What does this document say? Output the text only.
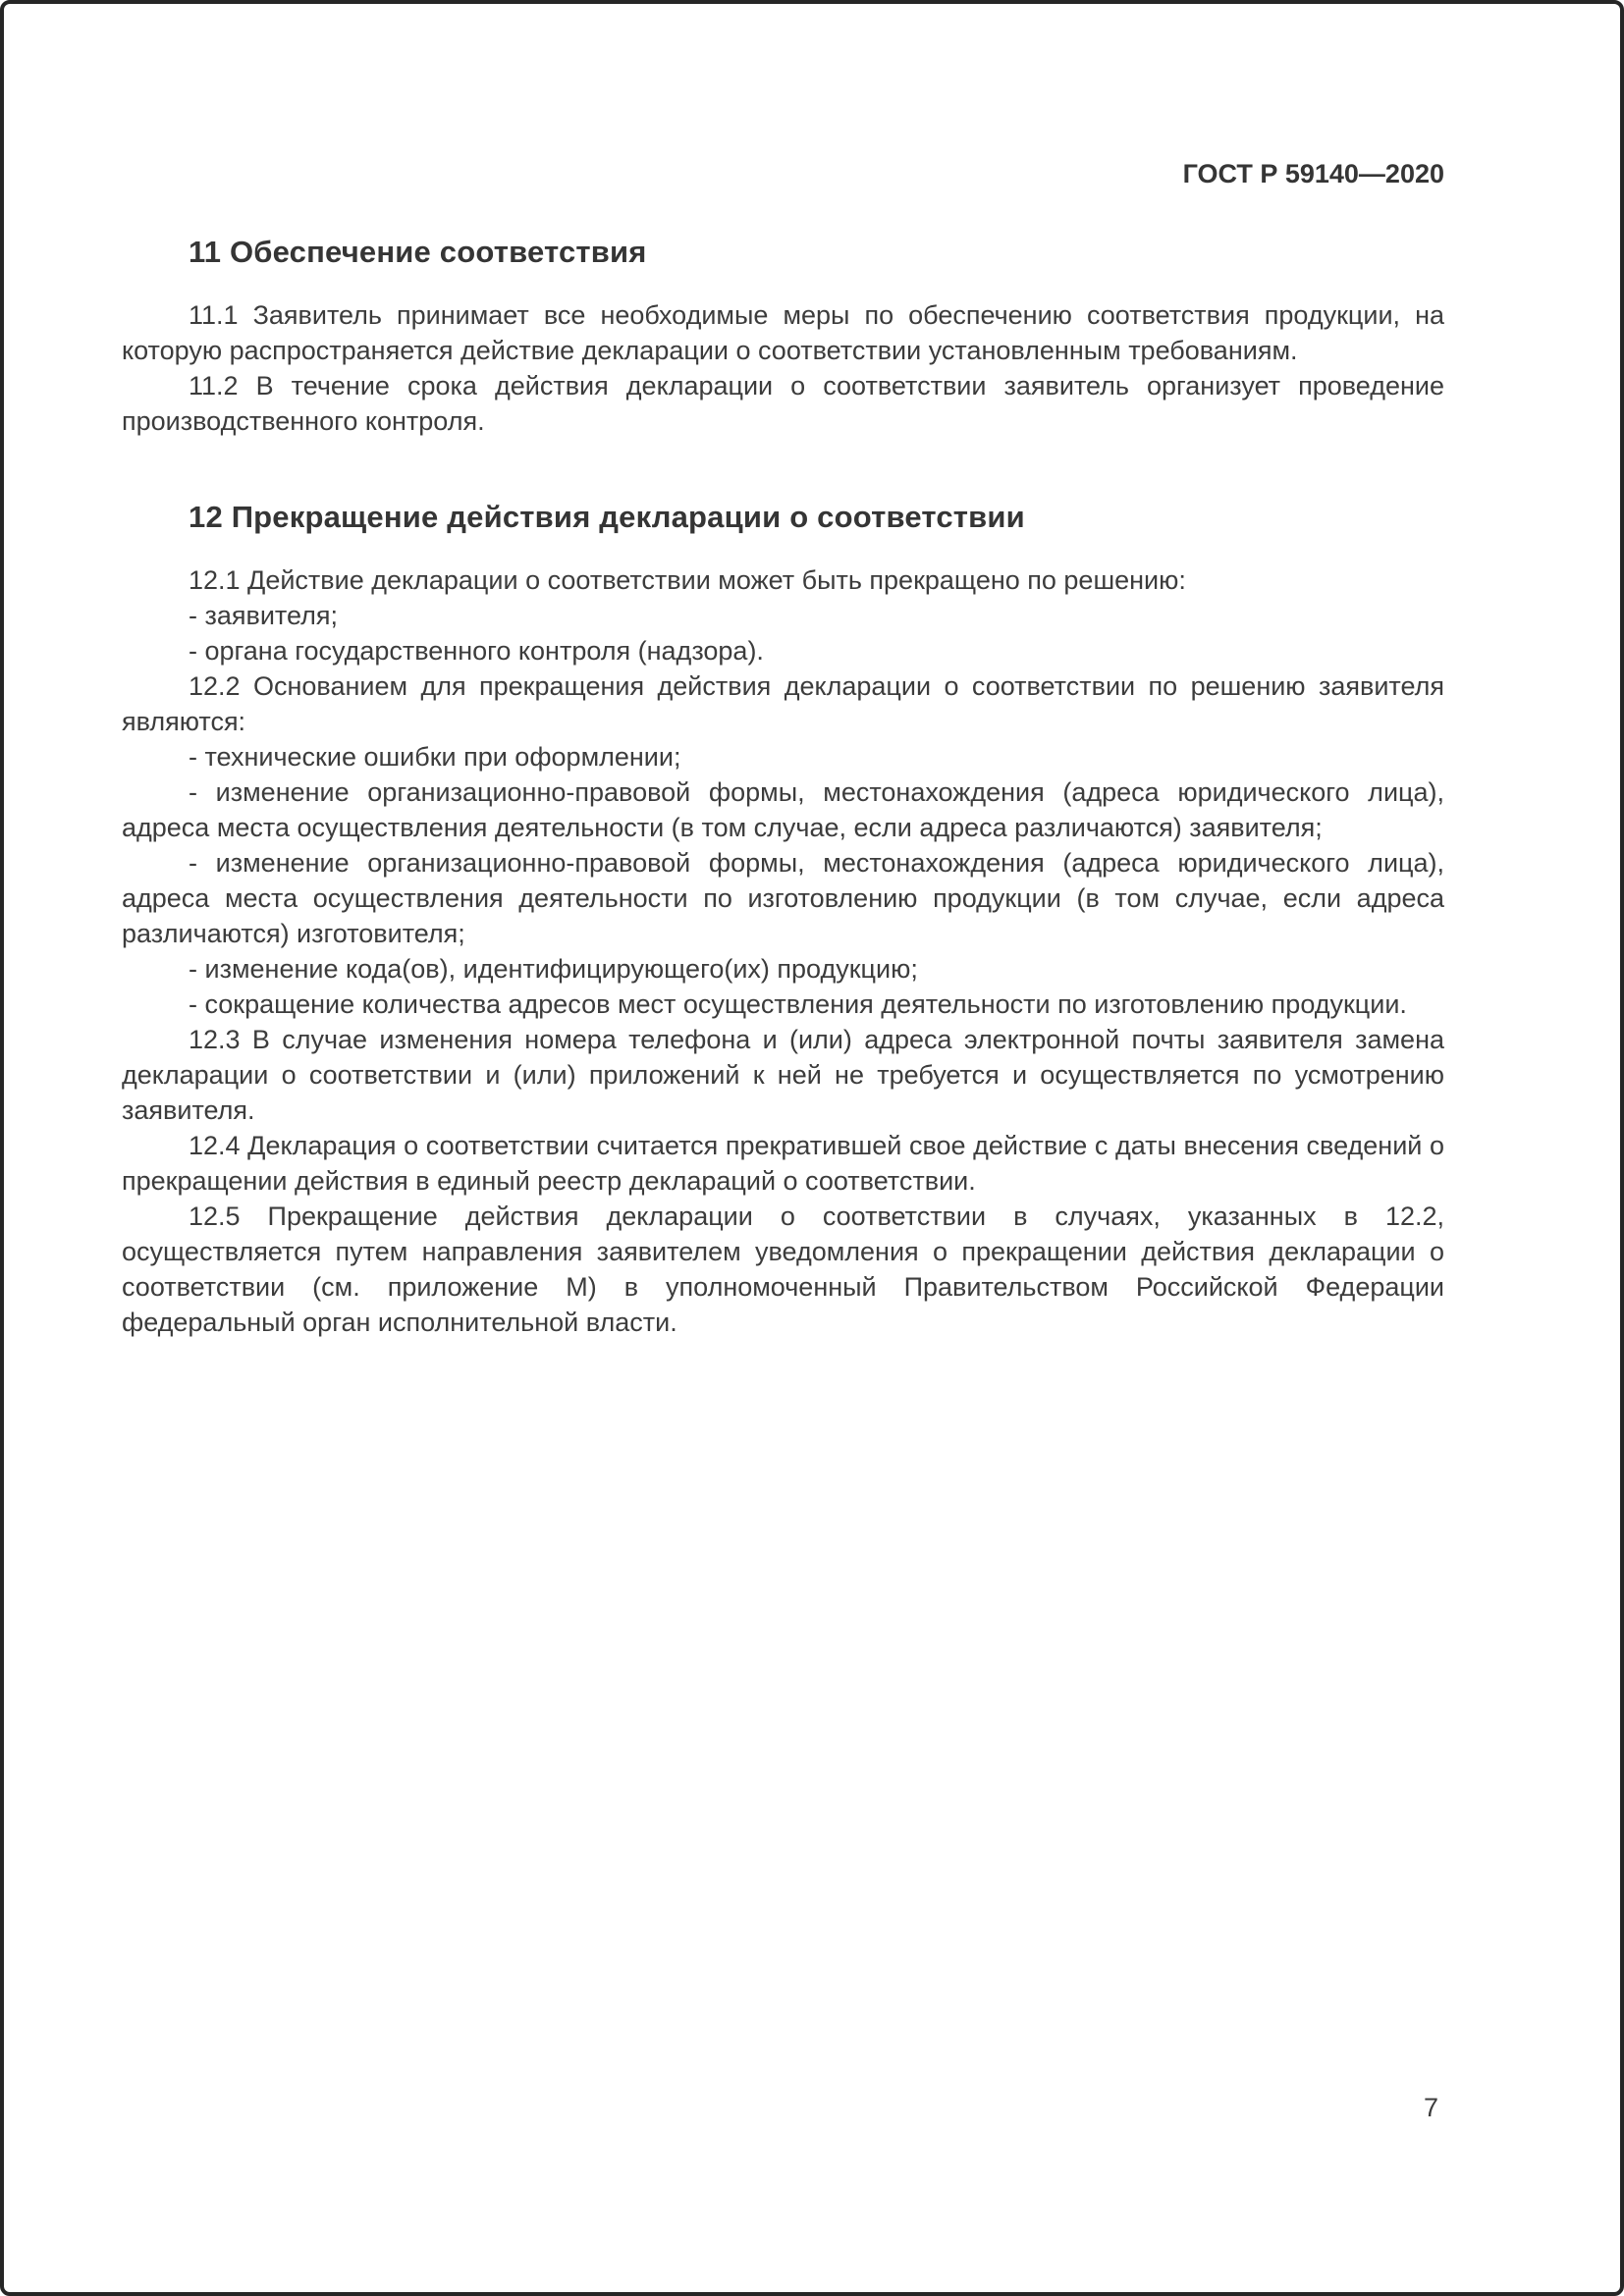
ГОСТ Р 59140—2020
11 Обеспечение соответствия

11.1 Заявитель принимает все необходимые меры по обеспечению соответствия продукции, на которую распространяется действие декларации о соответствии установленным требованиям.

11.2 В течение срока действия декларации о соответствии заявитель организует проведение производственного контроля.

12 Прекращение действия декларации о соответствии

12.1 Действие декларации о соответствии может быть прекращено по решению:

- заявителя;

- органа государственного контроля (надзора).

12.2 Основанием для прекращения действия декларации о соответствии по решению заявителя являются:

- технические ошибки при оформлении;

- изменение организационно-правовой формы, местонахождения (адреса юридического лица), адреса места осуществления деятельности (в том случае, если адреса различаются) заявителя;

- изменение организационно-правовой формы, местонахождения (адреса юридического лица), адреса места осуществления деятельности по изготовлению продукции (в том случае, если адреса различаются) изготовителя;

- изменение кода(ов), идентифицирующего(их) продукцию;

- сокращение количества адресов мест осуществления деятельности по изготовлению продукции.

12.3 В случае изменения номера телефона и (или) адреса электронной почты заявителя замена декларации о соответствии и (или) приложений к ней не требуется и осуществляется по усмотрению заявителя.

12.4 Декларация о соответствии считается прекратившей свое действие с даты внесения сведений о прекращении действия в единый реестр деклараций о соответствии.

12.5 Прекращение действия декларации о соответствии в случаях, указанных в 12.2, осуществляется путем направления заявителем уведомления о прекращении действия декларации о соответствии (см. приложение М) в уполномоченный Правительством Российской Федерации федеральный орган исполнительной власти.

7
